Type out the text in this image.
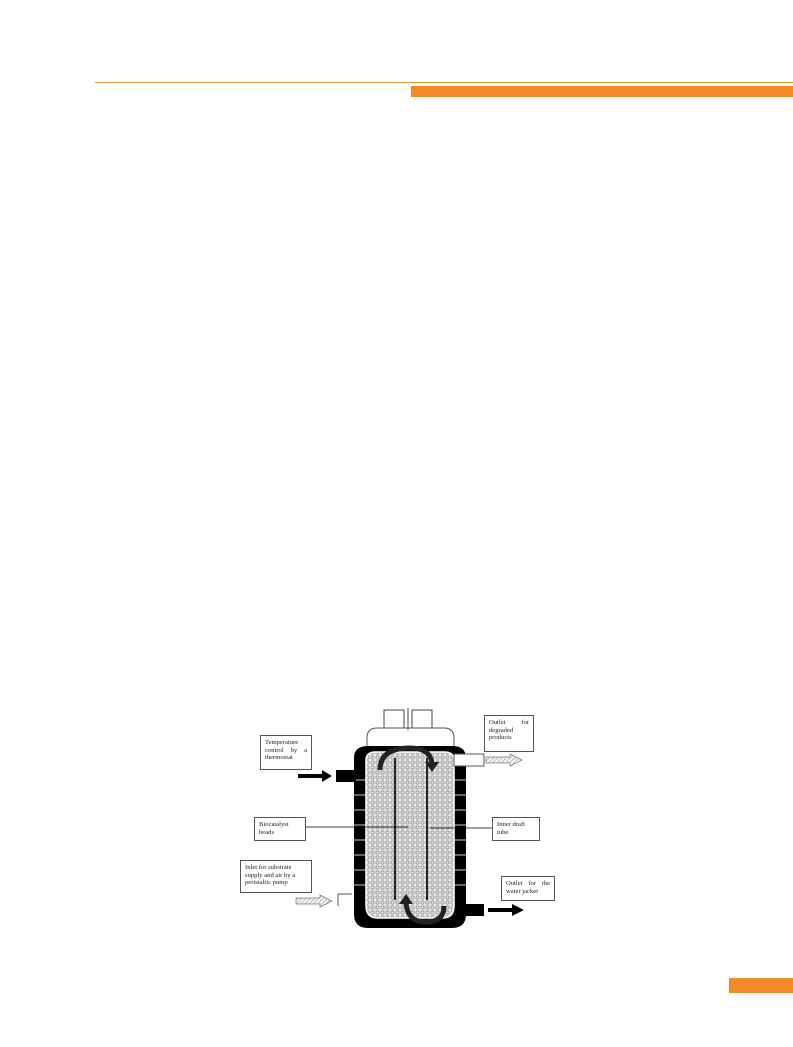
Temperature
control by a
thermostat
Biocatalyst
beads
Inlet for substrate
supply and air by a
peristaltic pump
Outlet for
degraded
products
Inner draft
tube
Outlet for the
water jacket
